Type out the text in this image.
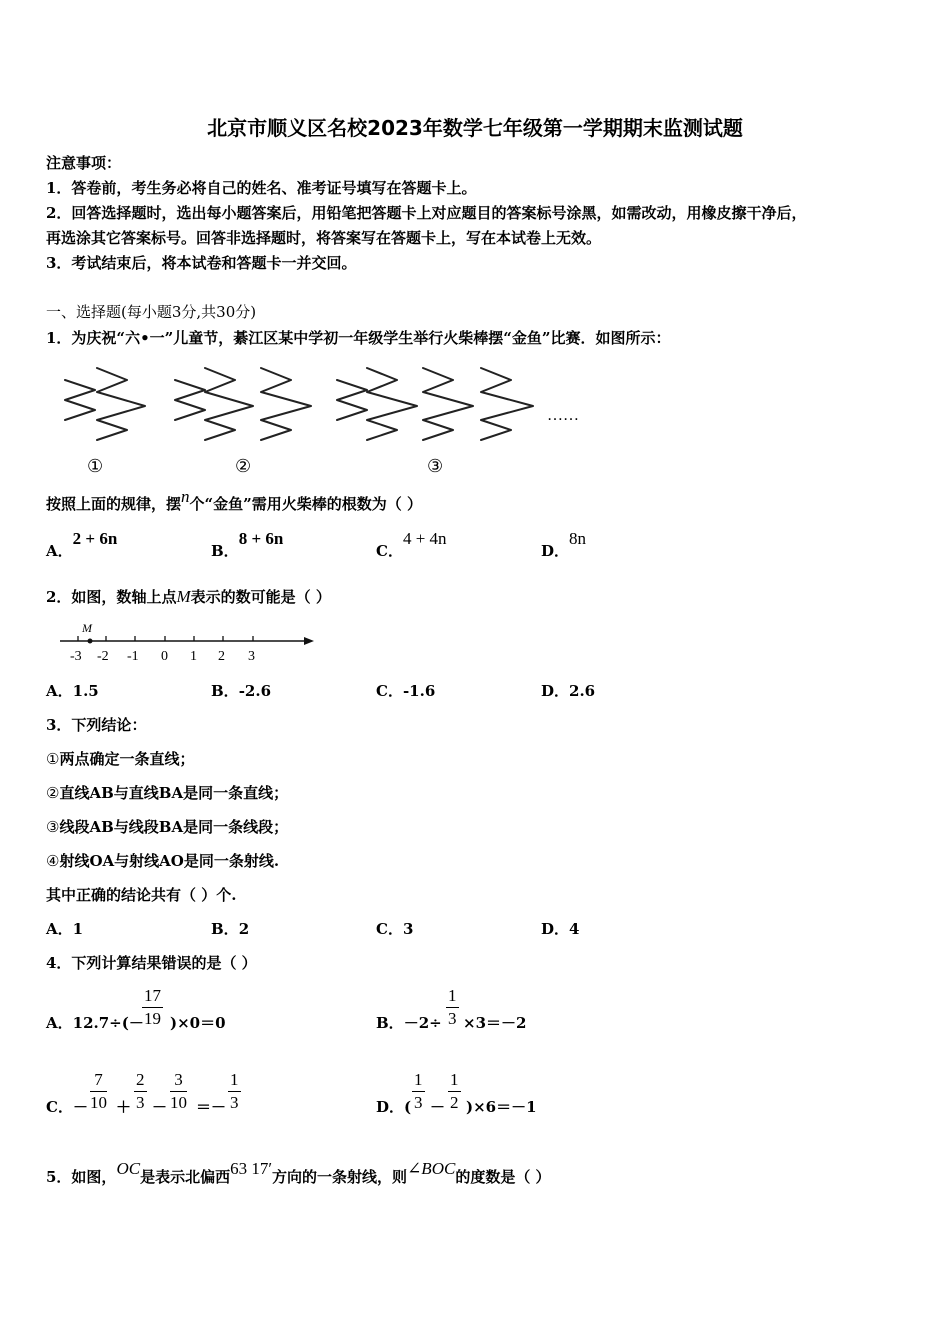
北京市顺义区名校2023年数学七年级第一学期期末监测试题
注意事项：
1．答卷前，考生务必将自己的姓名、准考证号填写在答题卡上。
2．回答选择题时，选出每小题答案后，用铅笔把答题卡上对应题目的答案标号涂黑，如需改动，用橡皮擦干净后，
再选涂其它答案标号。回答非选择题时，将答案写在答题卡上，写在本试卷上无效。
3．考试结束后，将本试卷和答题卡一并交回。
一、选择题(每小题3分,共30分)
1．为庆祝“六•一”儿童节，綦江区某中学初一年级学生举行火柴棒摆“金鱼”比赛．如图所示：
……
①	②	③
按照上面的规律，摆n个“金鱼”需用火柴棒的根数为（ ）
A．2 + 6n
B．8 + 6n
C．4 + 4n
D．8n
2．如图，数轴上点M表示的数可能是（ ）
M
-3 -2 -1 0 1 2 3
A．1.5	B．-2.6	C．-1.6	D．2.6
3．下列结论：
①两点确定一条直线；
②直线AB与直线BA是同一条直线；
③线段AB与线段BA是同一条线段；
④射线OA与射线AO是同一条射线.
其中正确的结论共有（ ）个.
A．1	B．2	C．3	D．4
4．下列计算结果错误的是（ ）
A．12.7÷(－
$\frac{17}{19} )\times 0=0$	B．$-2\div \frac{1}{3} \times 3=-2$
C．－ $\frac{7}{10} + \frac{2}{3} - \frac{3}{10} =- \frac{1}{3}$	D．( $\frac{1}{3} - \frac{1}{2} )\times 6=-1$
5．如图，OC是表示北偏西63 17′方向的一条射线，则∠BOC的度数是（ ）
